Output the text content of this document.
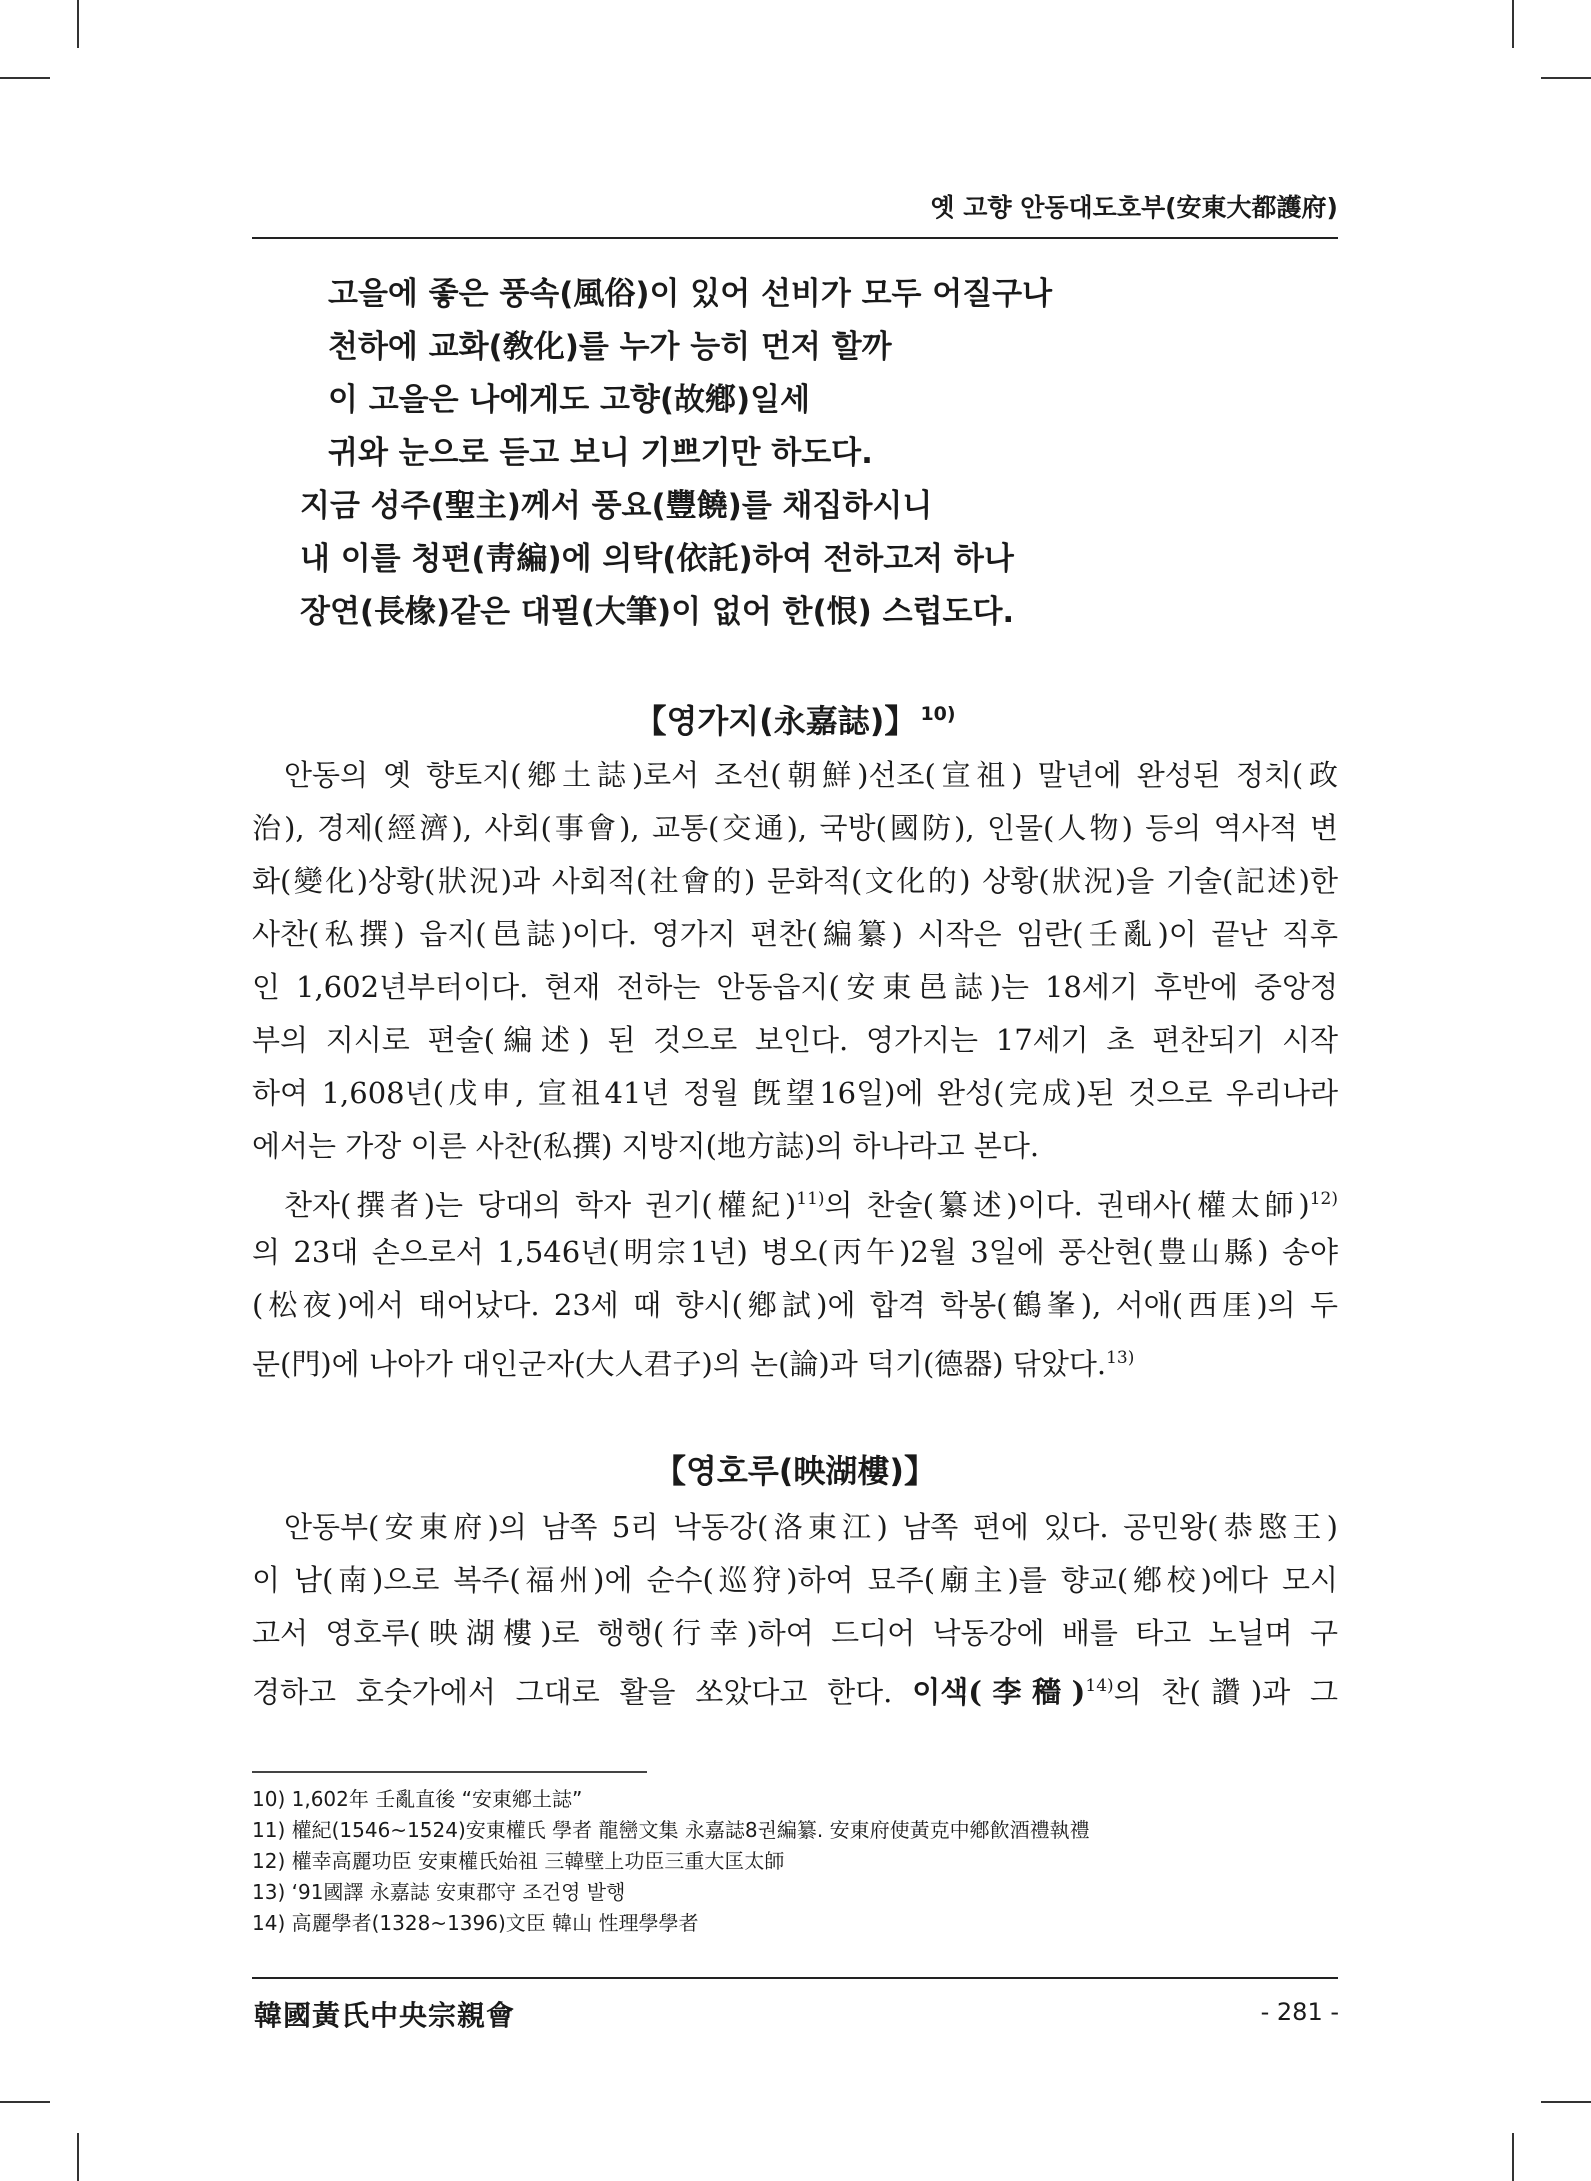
옛 고향 안동대도호부(安東大都護府)
고을에 좋은 풍속(風俗)이 있어 선비가 모두 어질구나
천하에 교화(敎化)를 누가 능히 먼저 할까
이 고을은 나에게도 고향(故鄕)일세
귀와 눈으로 듣고 보니 기쁘기만 하도다.
지금 성주(聖主)께서 풍요(豐饒)를 채집하시니
내 이를 청편(靑編)에 의탁(依託)하여 전하고저 하나
장연(長椽)같은 대필(大筆)이 없어 한(恨) 스럽도다.
【영가지(永嘉誌)】 $^{10)}$
안동의 옛 향토지(鄕土誌)로서 조선(朝鮮)선조(宣祖) 말년에 완성된 정치(政
治), 경제(經濟), 사회(事會), 교통(交通), 국방(國防), 인물(人物) 등의 역사적 변
화(變化)상황(狀況)과 사회적(社會的) 문화적(文化的) 상황(狀況)을 기술(記述)한
사찬(私撰) 읍지(邑誌)이다. 영가지 편찬(編纂) 시작은 임란(壬亂)이 끝난 직후
인 1,602년부터이다. 현재 전하는 안동읍지(安東邑誌)는 18세기 후반에 중앙정
부의 지시로 편술(編述) 된 것으로 보인다. 영가지는 17세기 초 편찬되기 시작
하여 1,608년(戊申, 宣祖41년 정월 旣望16일)에 완성(完成)된 것으로 우리나라
에서는 가장 이른 사찬(私撰) 지방지(地方誌)의 하나라고 본다.
찬자(撰者)는 당대의 학자 권기(權紀)$^{11)}$의 찬술(纂述)이다. 권태사(權太師)$^{12)}$
의 23대 손으로서 1,546년(明宗1년) 병오(丙午)2월 3일에 풍산현(豊山縣) 송야
(松夜)에서 태어났다. 23세 때 향시(鄕試)에 합격 학봉(鶴峯), 서애(西厓)의 두
문(門)에 나아가 대인군자(大人君子)의 논(論)과 덕기(德器) 닦았다.$^{13)}$
【영호루(映湖樓)】
안동부(安東府)의 남쪽 5리 낙동강(洛東江) 남쪽 편에 있다. 공민왕(恭愍王)
이 남(南)으로 복주(福州)에 순수(巡狩)하여 묘주(廟主)를 향교(鄕校)에다 모시
고서 영호루(映湖樓)로 행행(行幸)하여 드디어 낙동강에 배를 타고 노닐며 구
경하고 호숫가에서 그대로 활을 쏘았다고 한다. 이색(李穡)$^{14)}$의 찬(讚)과 그
10) 1,602年 壬亂直後 “安東鄕土誌”
11) 權紀(1546~1524)安東權氏 學者 龍巒文集 永嘉誌8권編纂. 安東府使黃克中鄕飮酒禮執禮
12) 權幸高麗功臣 安東權氏始祖 三韓壁上功臣三重大匡太師
13) ‘91國譯 永嘉誌 安東郡守 조건영 발행
14) 高麗學者(1328~1396)文臣 韓山 性理學學者
韓國黃氏中央宗親會	- 281 -
